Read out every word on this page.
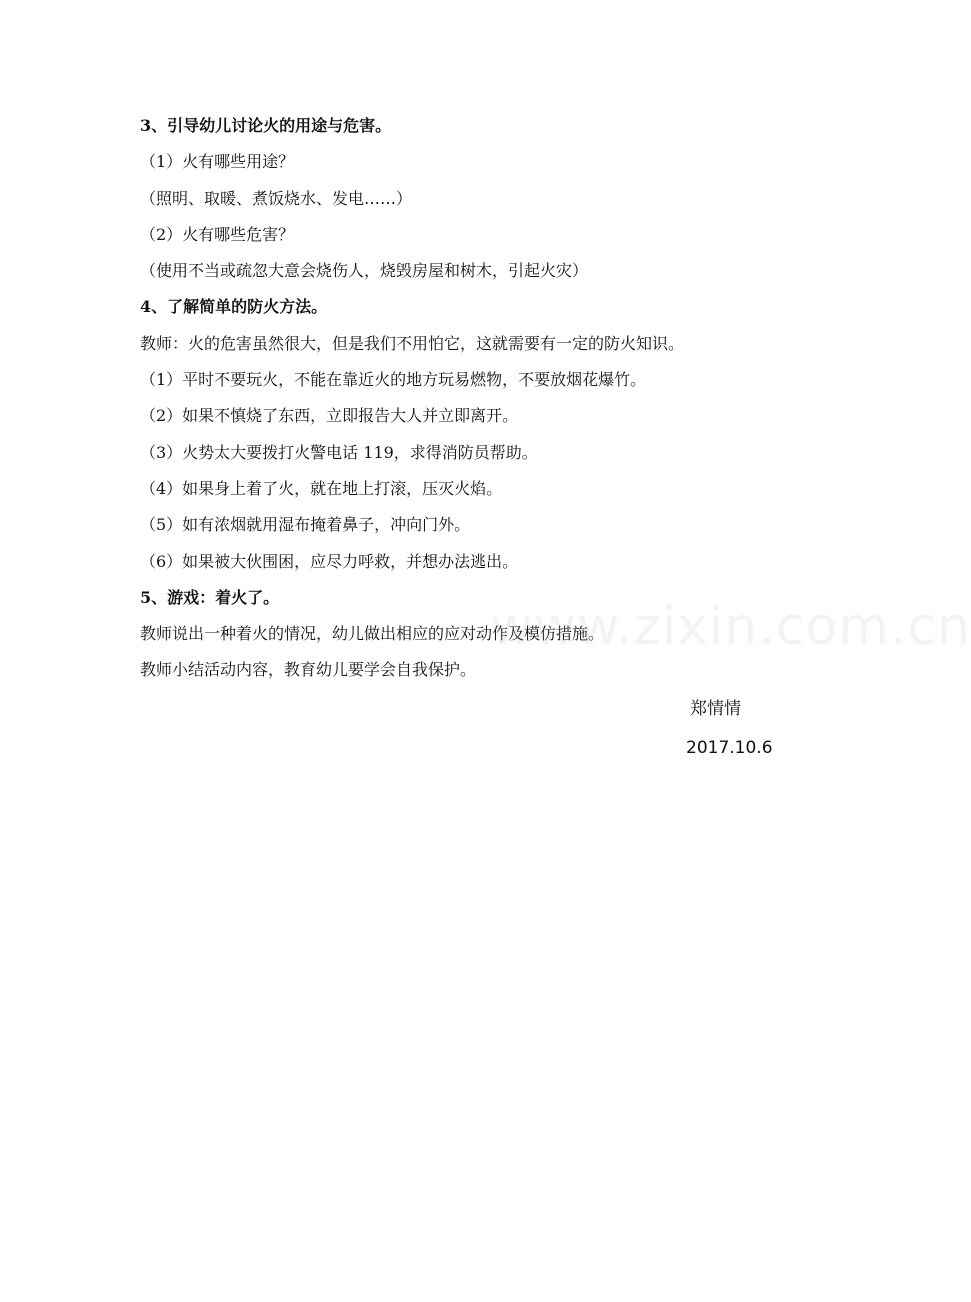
3、引导幼儿讨论火的用途与危害。
（1）火有哪些用途？
（照明、取暖、煮饭烧水、发电……）
（2）火有哪些危害？
（使用不当或疏忽大意会烧伤人，烧毁房屋和树木，引起火灾）
4、了解简单的防火方法。
教师：火的危害虽然很大，但是我们不用怕它，这就需要有一定的防火知识。
（1）平时不要玩火，不能在靠近火的地方玩易燃物，不要放烟花爆竹。
（2）如果不慎烧了东西，立即报告大人并立即离开。
（3）火势太大要拨打火警电话 119，求得消防员帮助。
（4）如果身上着了火，就在地上打滚，压灭火焰。
（5）如有浓烟就用湿布掩着鼻子，冲向门外。
（6）如果被大伙围困，应尽力呼救，并想办法逃出。
5、游戏：着火了。
教师说出一种着火的情况，幼儿做出相应的应对动作及模仿措施。
教师小结活动内容，教育幼儿要学会自我保护。
www.zixin.com.cn
郑情情
2017.10.6
